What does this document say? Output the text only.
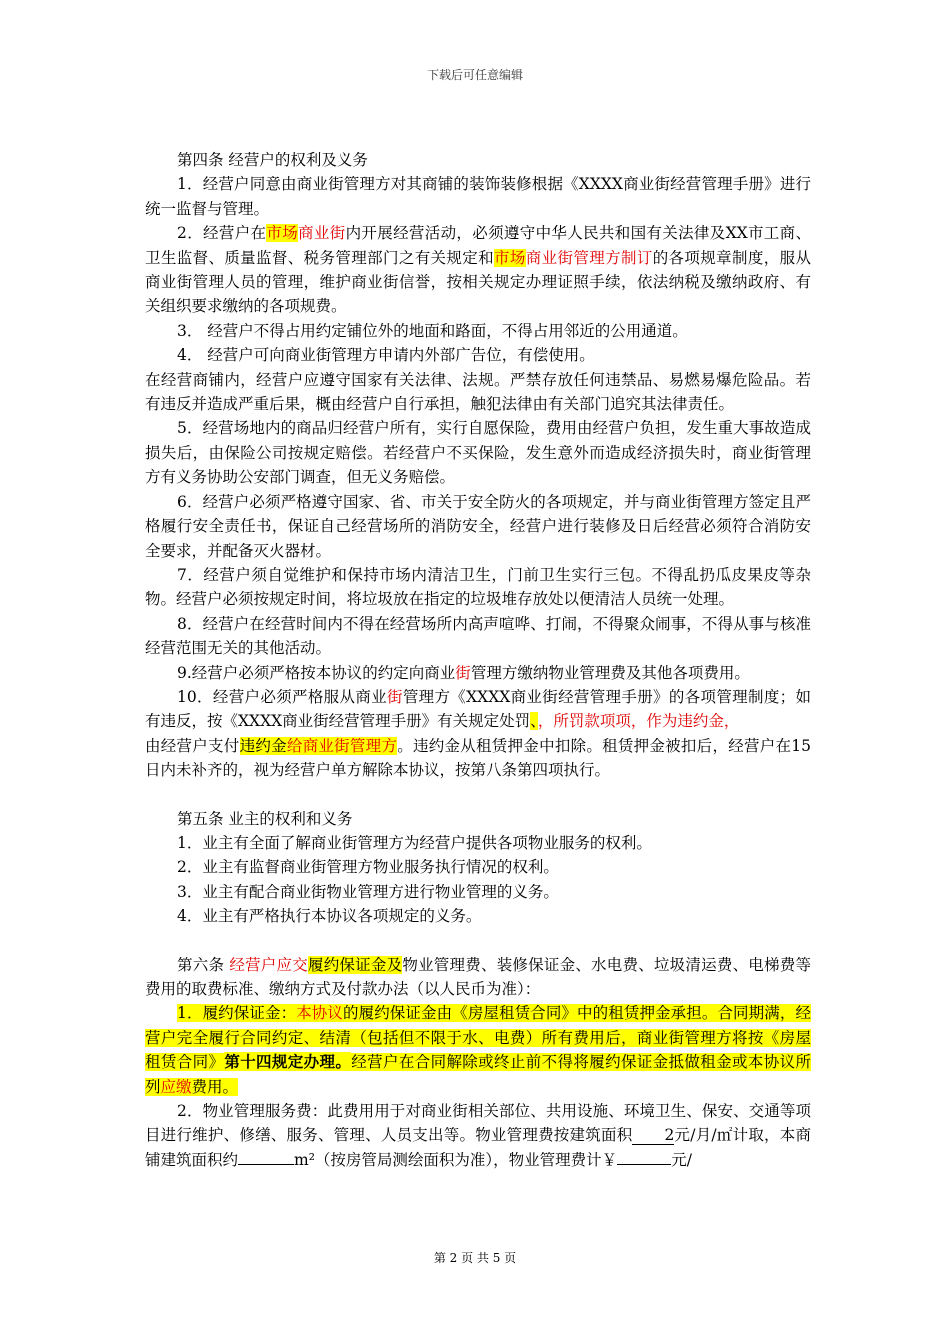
下载后可任意编辑

第四条 经营户的权利及义务

1．经营户同意由商业街管理方对其商铺的装饰装修根据《XXXX商业街经营管理手册》进行统一监督与管理。

2．经营户在市场商业街内开展经营活动，必须遵守中华人民共和国有关法律及XX市工商、卫生监督、质量监督、税务管理部门之有关规定和市场商业街管理方制订的各项规章制度，服从商业街管理人员的管理，维护商业街信誉，按相关规定办理证照手续，依法纳税及缴纳政府、有关组织要求缴纳的各项规费。

3． 经营户不得占用约定铺位外的地面和路面，不得占用邻近的公用通道。

4． 经营户可向商业街管理方申请内外部广告位，有偿使用。

在经营商铺内，经营户应遵守国家有关法律、法规。严禁存放任何违禁品、易燃易爆危险品。若有违反并造成严重后果，概由经营户自行承担，触犯法律由有关部门追究其法律责任。

5．经营场地内的商品归经营户所有，实行自愿保险，费用由经营户负担，发生重大事故造成损失后，由保险公司按规定赔偿。若经营户不买保险，发生意外而造成经济损失时，商业街管理方有义务协助公安部门调查，但无义务赔偿。

6．经营户必须严格遵守国家、省、市关于安全防火的各项规定，并与商业街管理方签定且严格履行安全责任书，保证自己经营场所的消防安全，经营户进行装修及日后经营必须符合消防安全要求，并配备灭火器材。

7．经营户须自觉维护和保持市场内清洁卫生，门前卫生实行三包。不得乱扔瓜皮果皮等杂物。经营户必须按规定时间，将垃圾放在指定的垃圾堆存放处以便清洁人员统一处理。

8．经营户在经营时间内不得在经营场所内高声喧哗、打闹，不得聚众闹事，不得从事与核准经营范围无关的其他活动。

9.经营户必须严格按本协议的约定向商业街管理方缴纳物业管理费及其他各项费用。

10．经营户必须严格服从商业街管理方《XXXX商业街经营管理手册》的各项管理制度；如有违反，按《XXXX商业街经营管理手册》有关规定处罚、，所罚款项项，作为违约金，
由经营户支付违约金给商业街管理方。违约金从租赁押金中扣除。租赁押金被扣后，经营户在15日内未补齐的，视为经营户单方解除本协议，按第八条第四项执行。

第五条 业主的权利和义务

1．业主有全面了解商业街管理方为经营户提供各项物业服务的权利。

2．业主有监督商业街管理方物业服务执行情况的权利。

3．业主有配合商业街物业管理方进行物业管理的义务。

4．业主有严格执行本协议各项规定的义务。

第六条 经营户应交履约保证金及物业管理费、装修保证金、水电费、垃圾清运费、电梯费等费用的取费标准、缴纳方式及付款办法（以人民币为准）：

1．履约保证金：本协议的履约保证金由《房屋租赁合同》中的租赁押金承担。合同期满，经营户完全履行合同约定、结清（包括但不限于水、电费）所有费用后，商业街管理方将按《房屋租赁合同》第十四规定办理。经营户在合同解除或终止前不得将履约保证金抵做租金或本协议所列应缴费用。

2．物业管理服务费：此费用用于对商业街相关部位、共用设施、环境卫生、保安、交通等项目进行维护、修缮、服务、管理、人员支出等。物业管理费按建筑面积 2元/月/㎡计取，本商铺建筑面积约	m²（按房管局测绘面积为准），物业管理费计￥	元/

第 2 页 共 5 页
